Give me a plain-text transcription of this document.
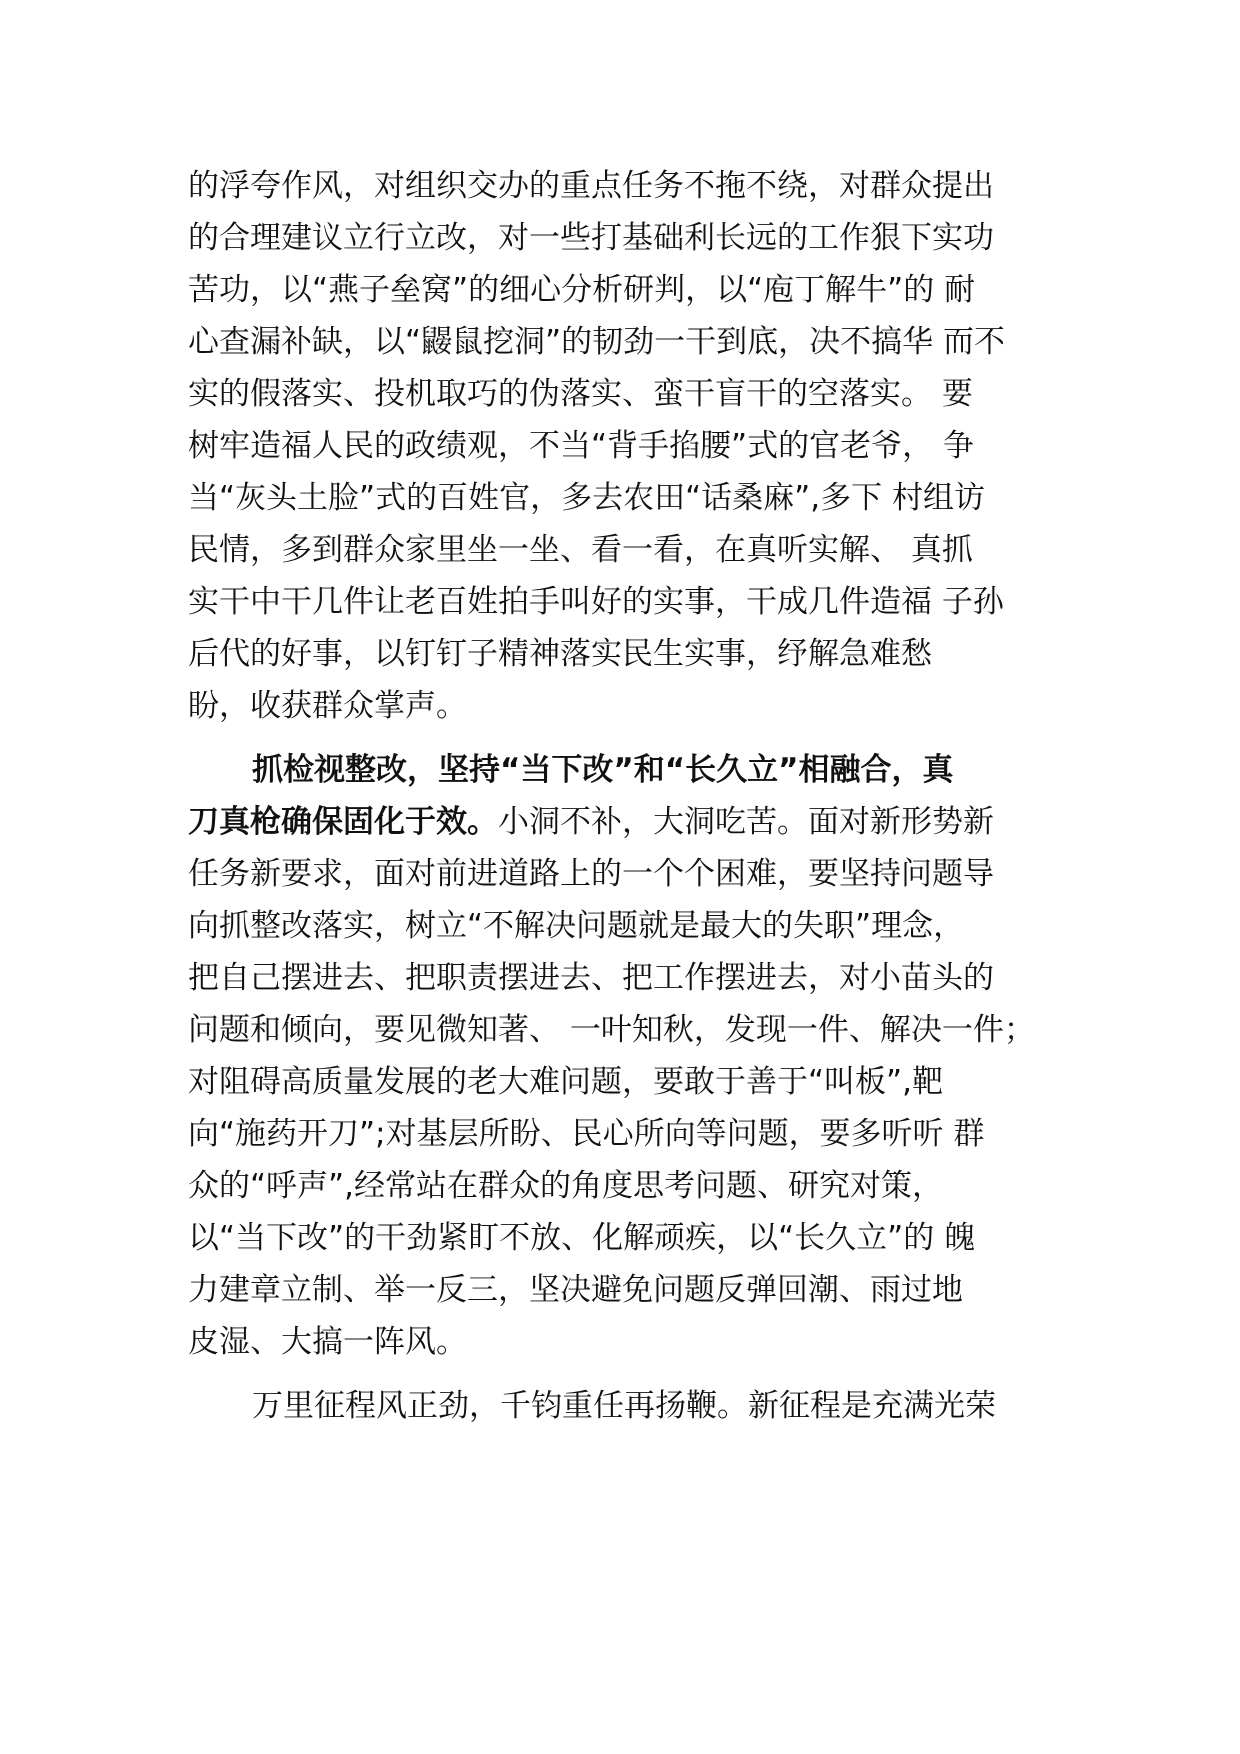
的浮夸作风，对组织交办的重点任务不拖不绕，对群众提出
的合理建议立行立改，对一些打基础利长远的工作狠下实功
苦功，以“燕子垒窝”的细心分析研判，以“庖丁解牛”的 耐
心查漏补缺，以“鼹鼠挖洞”的韧劲一干到底，决不搞华 而不
实的假落实、投机取巧的伪落实、蛮干盲干的空落实。 要
树牢造福人民的政绩观，不当“背手掐腰”式的官老爷， 争
当“灰头土脸”式的百姓官，多去农田“话桑麻”,多下 村组访
民情，多到群众家里坐一坐、看一看，在真听实解、 真抓
实干中干几件让老百姓拍手叫好的实事，干成几件造福 子孙
后代的好事，以钉钉子精神落实民生实事，纾解急难愁
盼，收获群众掌声。
抓检视整改，坚持“当下改”和“长久立”相融合，真
刀真枪确保固化于效。小洞不补，大洞吃苦。面对新形势新
任务新要求，面对前进道路上的一个个困难，要坚持问题导
向抓整改落实，树立“不解决问题就是最大的失职”理念，
把自己摆进去、把职责摆进去、把工作摆进去，对小苗头的
问题和倾向，要见微知著、 一叶知秋，发现一件、解决一件；
对阻碍高质量发展的老大难问题，要敢于善于“叫板”,靶
向“施药开刀”;对基层所盼、民心所向等问题，要多听听 群
众的“呼声”,经常站在群众的角度思考问题、研究对策，
以“当下改”的干劲紧盯不放、化解顽疾，以“长久立”的 魄
力建章立制、举一反三，坚决避免问题反弹回潮、雨过地
皮湿、大搞一阵风。
万里征程风正劲，千钧重任再扬鞭。新征程是充满光荣
